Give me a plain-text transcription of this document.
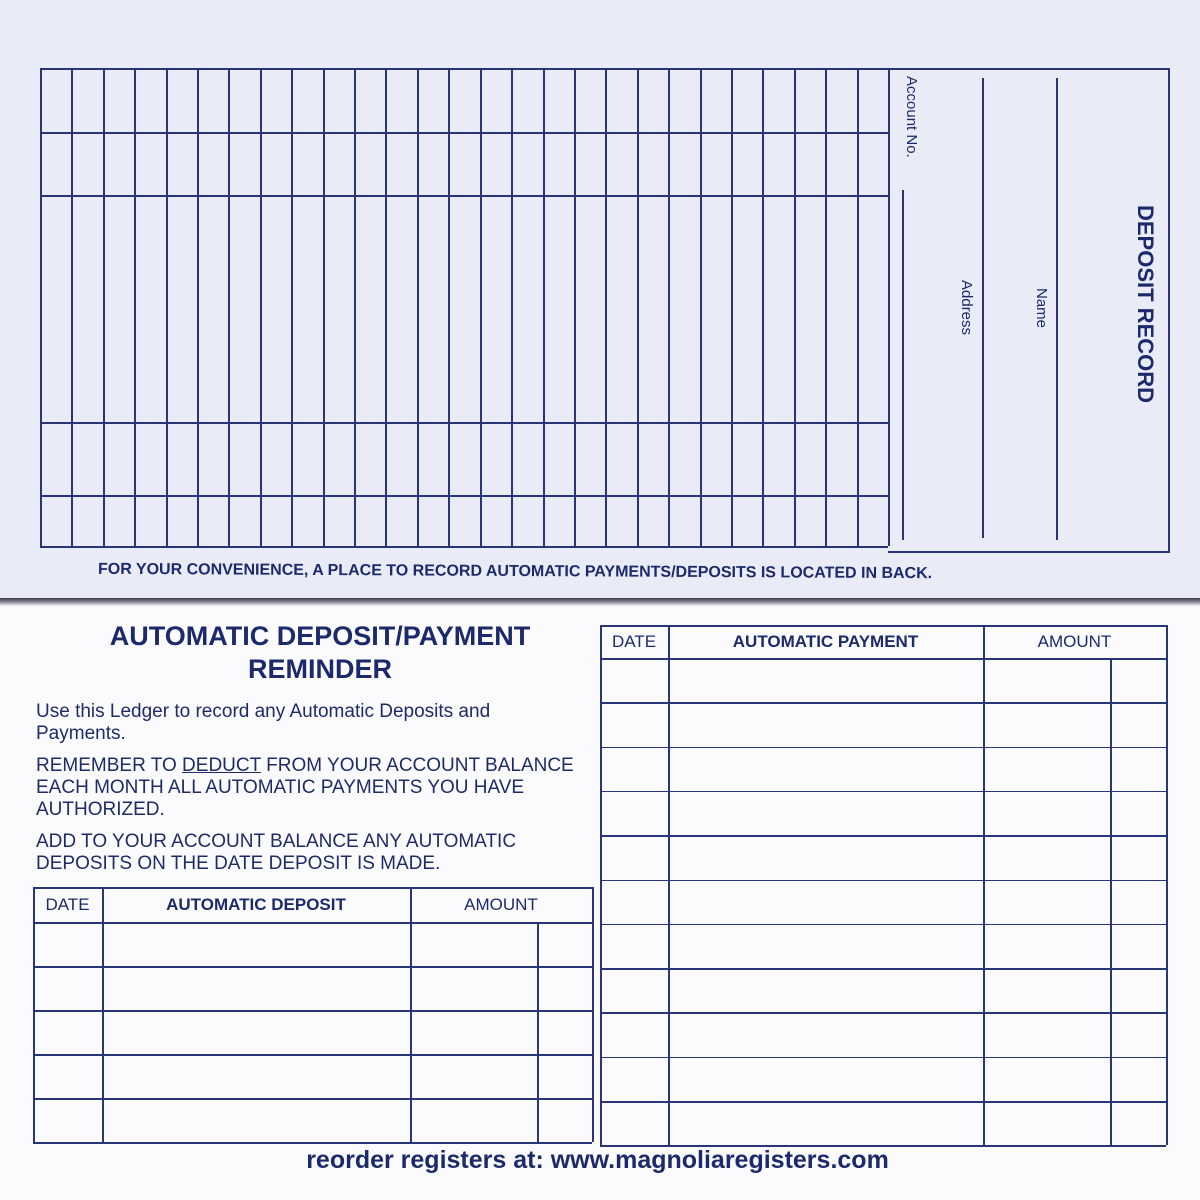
DEPOSIT RECORD
Name
Address
Account No.
FOR YOUR CONVENIENCE, A PLACE TO RECORD AUTOMATIC PAYMENTS/DEPOSITS IS LOCATED IN BACK.
AUTOMATIC DEPOSIT/PAYMENT
REMINDER

Use this Ledger to record any Automatic Deposits and Payments.

REMEMBER TO DEDUCT FROM YOUR ACCOUNT BALANCE EACH MONTH ALL AUTOMATIC PAYMENTS YOU HAVE AUTHORIZED.

ADD TO YOUR ACCOUNT BALANCE ANY AUTOMATIC DEPOSITS ON THE DATE DEPOSIT IS MADE.

DATE	AUTOMATIC DEPOSIT	AMOUNT
DATE	AUTOMATIC PAYMENT	AMOUNT
reorder registers at: www.magnoliaregisters.com
